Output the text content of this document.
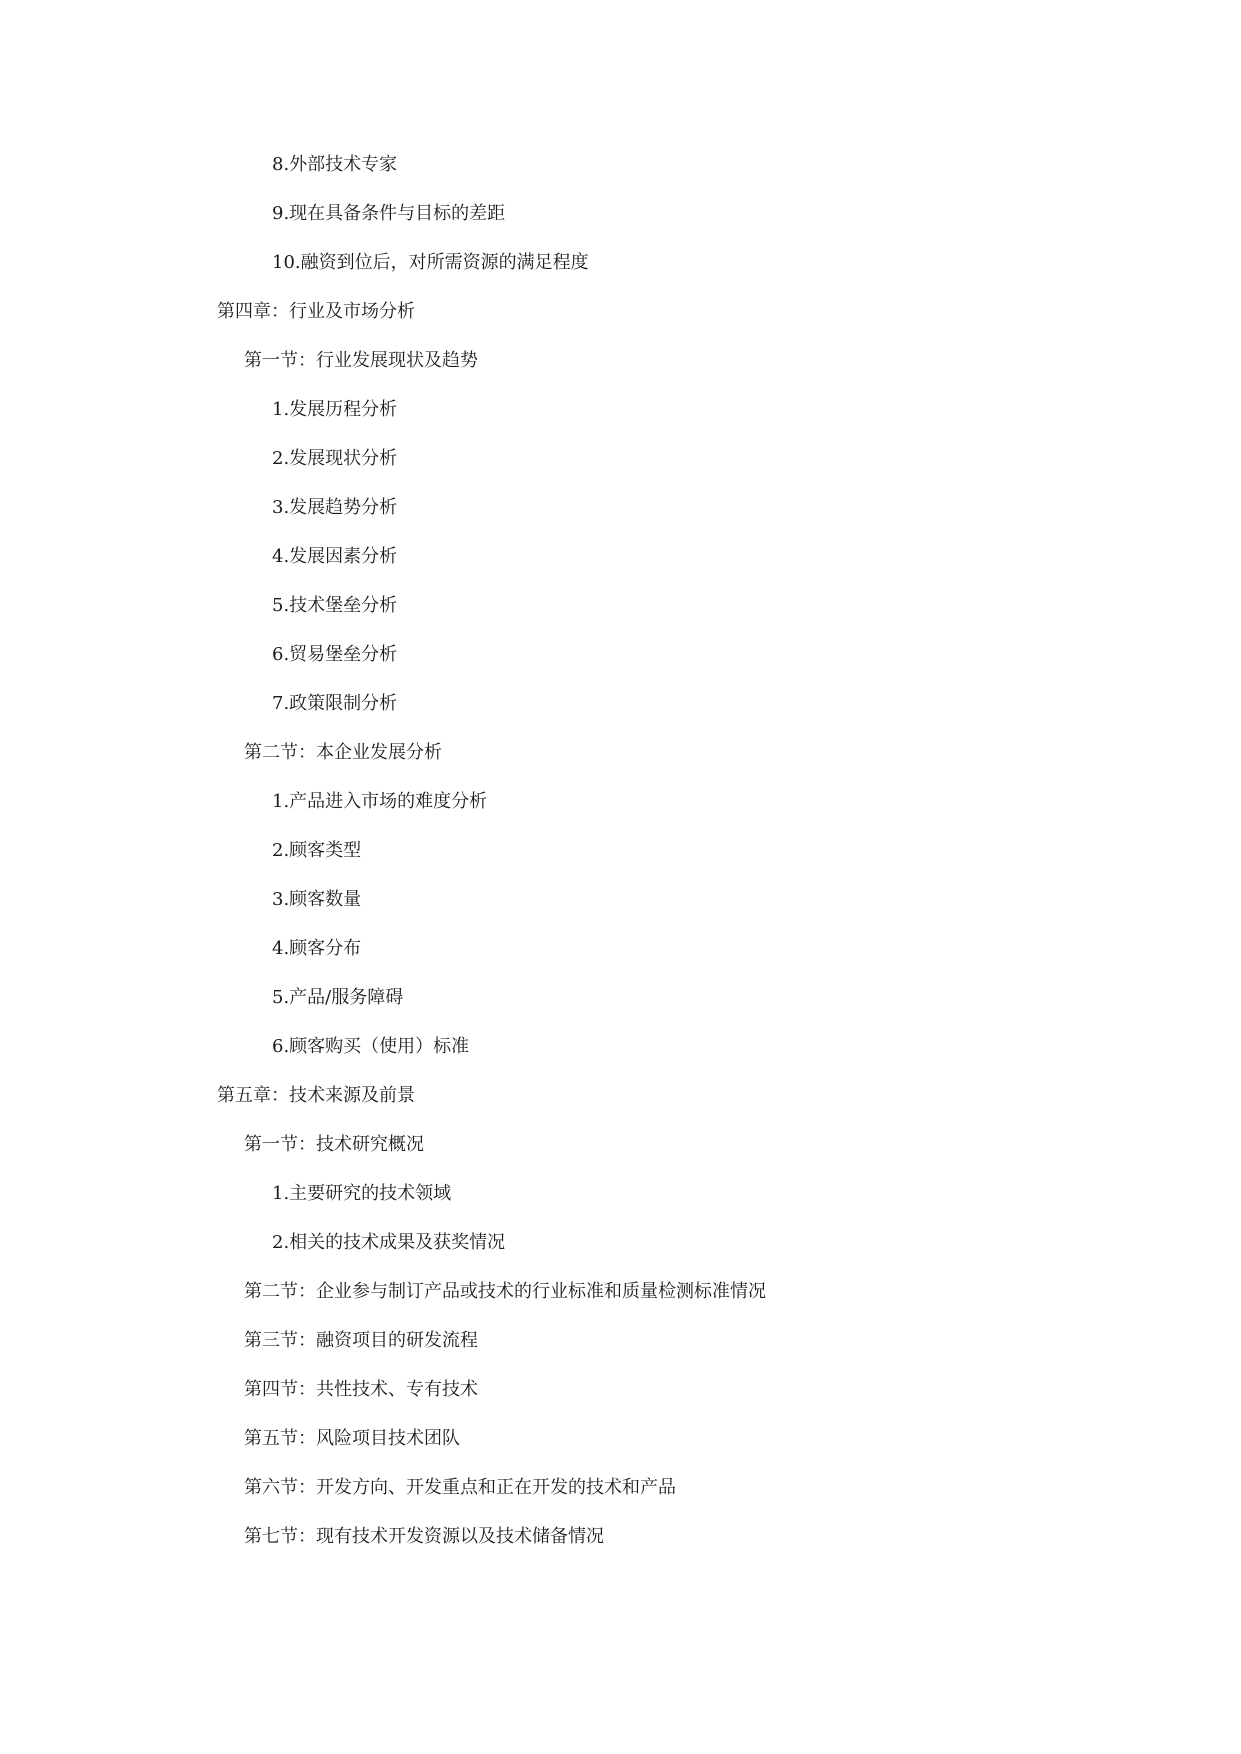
8.外部技术专家
9.现在具备条件与目标的差距
10.融资到位后，对所需资源的满足程度
第四章：行业及市场分析
第一节：行业发展现状及趋势
1.发展历程分析
2.发展现状分析
3.发展趋势分析
4.发展因素分析
5.技术堡垒分析
6.贸易堡垒分析
7.政策限制分析
第二节：本企业发展分析
1.产品进入市场的难度分析
2.顾客类型
3.顾客数量
4.顾客分布
5.产品/服务障碍
6.顾客购买（使用）标准
第五章：技术来源及前景
第一节：技术研究概况
1.主要研究的技术领域
2.相关的技术成果及获奖情况
第二节：企业参与制订产品或技术的行业标准和质量检测标准情况
第三节：融资项目的研发流程
第四节：共性技术、专有技术
第五节：风险项目技术团队
第六节：开发方向、开发重点和正在开发的技术和产品
第七节：现有技术开发资源以及技术储备情况
